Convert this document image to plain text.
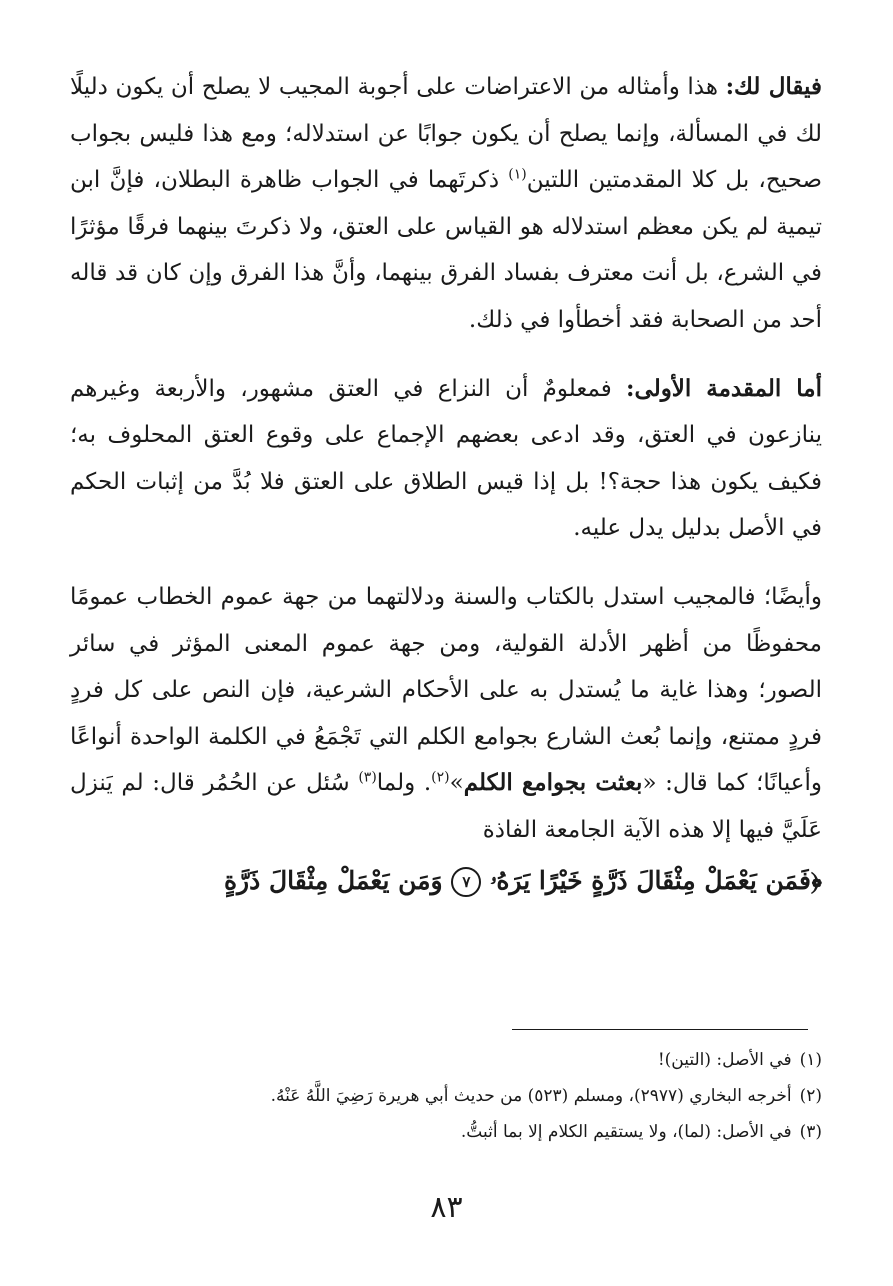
فيقال لك: هذا وأمثاله من الاعتراضات على أجوبة المجيب لا يصلح أن يكون دليلًا لك في المسألة، وإنما يصلح أن يكون جوابًا عن استدلاله؛ ومع هذا فليس بجواب صحيح، بل كلا المقدمتين اللتين$^{(١)}$ ذكرتَهما في الجواب ظاهرة البطلان، فإنَّ ابن تيمية لم يكن معظم استدلاله هو القياس على العتق، ولا ذكرتَ بينهما فرقًا مؤثرًا في الشرع، بل أنت معترف بفساد الفرق بينهما، وأنَّ هذا الفرق وإن كان قد قاله أحد من الصحابة فقد أخطأوا في ذلك.

أما المقدمة الأولى: فمعلومٌ أن النزاع في العتق مشهور، والأربعة وغيرهم ينازعون في العتق، وقد ادعى بعضهم الإجماع على وقوع العتق المحلوف به؛ فكيف يكون هذا حجة؟! بل إذا قيس الطلاق على العتق فلا بُدَّ من إثبات الحكم في الأصل بدليل يدل عليه.

وأيضًا؛ فالمجيب استدل بالكتاب والسنة ودلالتهما من جهة عموم الخطاب عمومًا محفوظًا من أظهر الأدلة القولية، ومن جهة عموم المعنى المؤثر في سائر الصور؛ وهذا غاية ما يُستدل به على الأحكام الشرعية، فإن النص على كل فردٍ فردٍ ممتنع، وإنما بُعث الشارع بجوامع الكلم التي تَجْمَعُ في الكلمة الواحدة أنواعًا وأعيانًا؛ كما قال: «بعثت بجوامع الكلم»$^{(٢)}$. ولما$^{(٣)}$ سُئل عن الحُمُر قال: لم يَنزل عَلَيَّ فيها إلا هذه الآية الجامعة الفاذة

﴿فَمَن يَعْمَلْ مِثْقَالَ ذَرَّةٍ خَيْرًا يَرَهُۥ ٧ وَمَن يَعْمَلْ مِثْقَالَ ذَرَّةٍ

(١)في الأصل: (التين)!

(٢)أخرجه البخاري (٢٩٧٧)، ومسلم (٥٢٣) من حديث أبي هريرة رَضِيَ اللَّهُ عَنْهُ.

(٣)في الأصل: (لما)، ولا يستقيم الكلام إلا بما أثبتُّ.

٨٣
